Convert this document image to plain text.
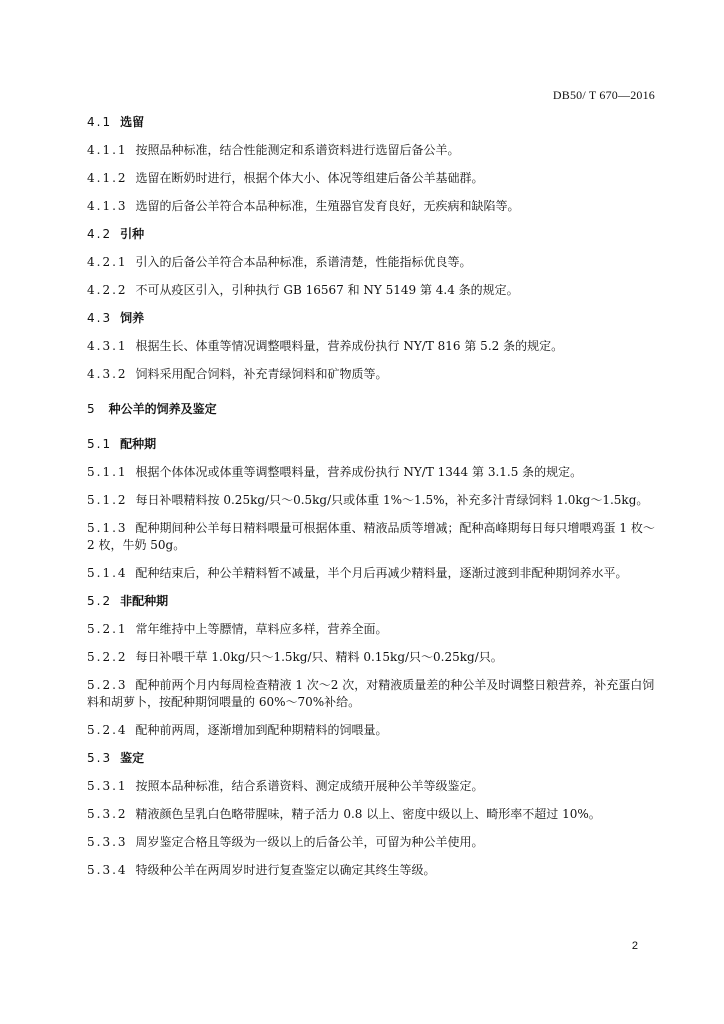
DB50/ T 670—2016

4.1 选留

4.1.1 按照品种标准，结合性能测定和系谱资料进行选留后备公羊。

4.1.2 选留在断奶时进行，根据个体大小、体况等组建后备公羊基础群。

4.1.3 选留的后备公羊符合本品种标准，生殖器官发育良好，无疾病和缺陷等。

4.2 引种

4.2.1 引入的后备公羊符合本品种标准，系谱清楚，性能指标优良等。

4.2.2 不可从疫区引入，引种执行 GB 16567 和 NY 5149 第 4.4 条的规定。

4.3 饲养

4.3.1 根据生长、体重等情况调整喂料量，营养成份执行 NY/T 816 第 5.2 条的规定。

4.3.2 饲料采用配合饲料，补充青绿饲料和矿物质等。

5 种公羊的饲养及鉴定

5.1 配种期

5.1.1 根据个体体况或体重等调整喂料量，营养成份执行 NY/T 1344 第 3.1.5 条的规定。

5.1.2 每日补喂精料按 0.25kg/只～0.5kg/只或体重 1%～1.5%，补充多汁青绿饲料 1.0kg～1.5kg。

5.1.3 配种期间种公羊每日精料喂量可根据体重、精液品质等增减；配种高峰期每日每只增喂鸡蛋 1 枚～2 枚，牛奶 50g。

5.1.4 配种结束后，种公羊精料暂不减量，半个月后再减少精料量，逐渐过渡到非配种期饲养水平。

5.2 非配种期

5.2.1 常年维持中上等膘情，草料应多样，营养全面。

5.2.2 每日补喂干草 1.0kg/只～1.5kg/只、精料 0.15kg/只～0.25kg/只。

5.2.3 配种前两个月内每周检查精液 1 次～2 次，对精液质量差的种公羊及时调整日粮营养，补充蛋白饲料和胡萝卜，按配种期饲喂量的 60%～70%补给。

5.2.4 配种前两周，逐渐增加到配种期精料的饲喂量。

5.3 鉴定

5.3.1 按照本品种标准，结合系谱资料、测定成绩开展种公羊等级鉴定。

5.3.2 精液颜色呈乳白色略带腥味，精子活力 0.8 以上、密度中级以上、畸形率不超过 10%。

5.3.3 周岁鉴定合格且等级为一级以上的后备公羊，可留为种公羊使用。

5.3.4 特级种公羊在两周岁时进行复查鉴定以确定其终生等级。

2
